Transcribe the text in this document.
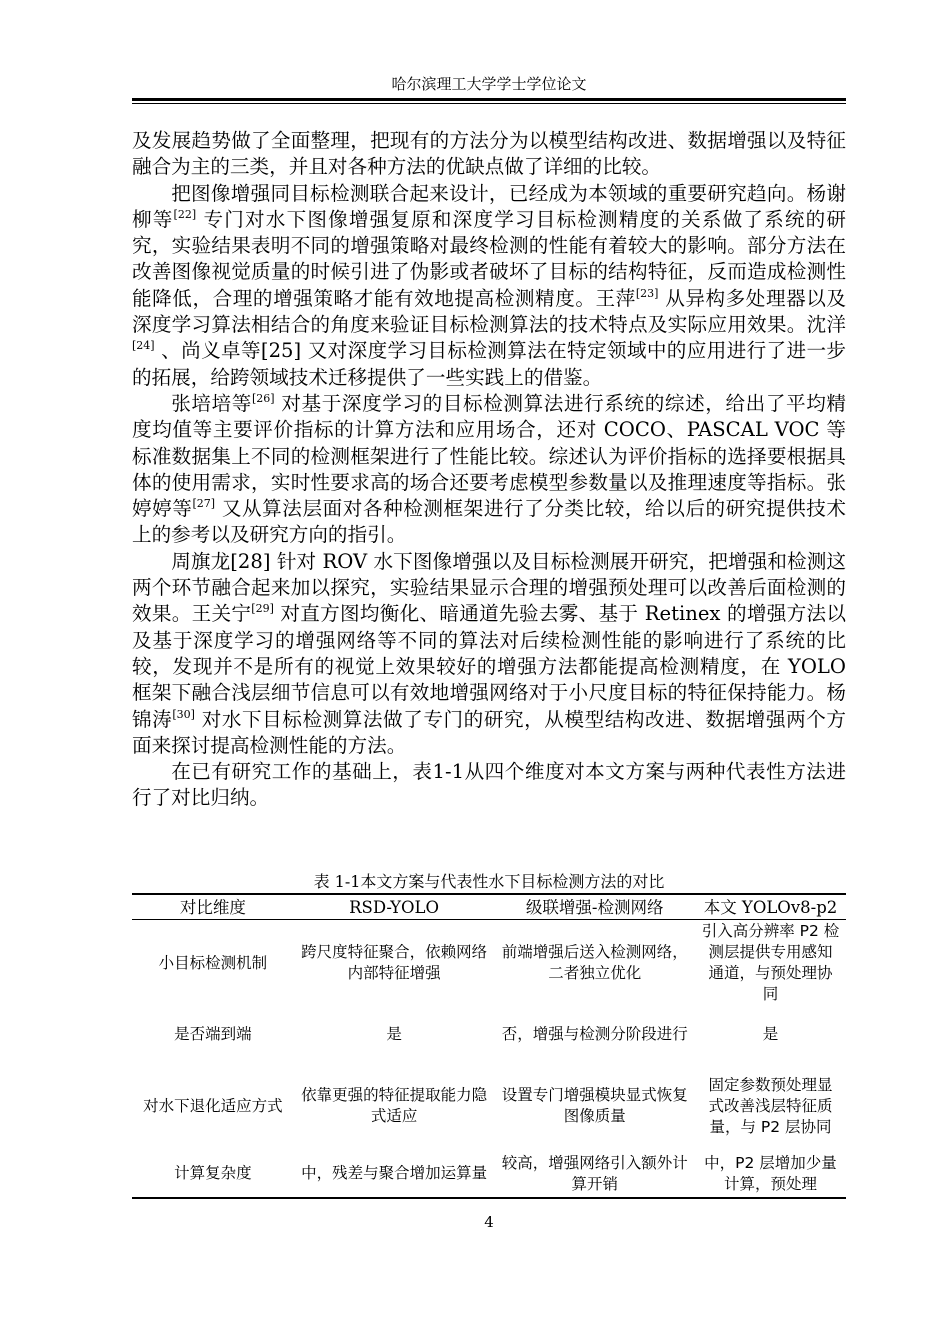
哈尔滨理工大学学士学位论文

及发展趋势做了全面整理，把现有的方法分为以模型结构改进、数据增强以及特征融合为主的三类，并且对各种方法的优缺点做了详细的比较。

把图像增强同目标检测联合起来设计，已经成为本领域的重要研究趋向。杨谢柳等[22] 专门对水下图像增强复原和深度学习目标检测精度的关系做了系统的研究，实验结果表明不同的增强策略对最终检测的性能有着较大的影响。部分方法在改善图像视觉质量的时候引进了伪影或者破坏了目标的结构特征，反而造成检测性能降低，合理的增强策略才能有效地提高检测精度。王萍[23] 从异构多处理器以及深度学习算法相结合的角度来验证目标检测算法的技术特点及实际应用效果。沈洋[24] 、尚义卓等[25] 又对深度学习目标检测算法在特定领域中的应用进行了进一步的拓展，给跨领域技术迁移提供了一些实践上的借鉴。

张培培等[26] 对基于深度学习的目标检测算法进行系统的综述，给出了平均精度均值等主要评价指标的计算方法和应用场合，还对 COCO、PASCAL VOC 等标准数据集上不同的检测框架进行了性能比较。综述认为评价指标的选择要根据具体的使用需求，实时性要求高的场合还要考虑模型参数量以及推理速度等指标。张婷婷等[27] 又从算法层面对各种检测框架进行了分类比较，给以后的研究提供技术上的参考以及研究方向的指引。

周旗龙[28] 针对 ROV 水下图像增强以及目标检测展开研究，把增强和检测这两个环节融合起来加以探究，实验结果显示合理的增强预处理可以改善后面检测的效果。王关宁[29] 对直方图均衡化、暗通道先验去雾、基于 Retinex 的增强方法以及基于深度学习的增强网络等不同的算法对后续检测性能的影响进行了系统的比较，发现并不是所有的视觉上效果较好的增强方法都能提高检测精度，在 YOLO 框架下融合浅层细节信息可以有效地增强网络对于小尺度目标的特征保持能力。杨锦涛[30] 对水下目标检测算法做了专门的研究，从模型结构改进、数据增强两个方面来探讨提高检测性能的方法。

在已有研究工作的基础上，表1-1从四个维度对本文方案与两种代表性方法进行了对比归纳。

表 1-1本文方案与代表性水下目标检测方法的对比
对比维度	RSD-YOLO	级联增强-检测网络	本文 YOLOv8-p2
小目标检测机制	跨尺度特征聚合，依赖网络内部特征增强	前端增强后送入检测网络，二者独立优化	引入高分辨率 P2 检测层提供专用感知通道，与预处理协同
是否端到端	是	否，增强与检测分阶段进行	是
对水下退化适应方式	依靠更强的特征提取能力隐式适应	设置专门增强模块显式恢复图像质量	固定参数预处理显式改善浅层特征质量，与 P2 层协同
计算复杂度	中，残差与聚合增加运算量	较高，增强网络引入额外计算开销	中，P2 层增加少量计算，预处理
4
